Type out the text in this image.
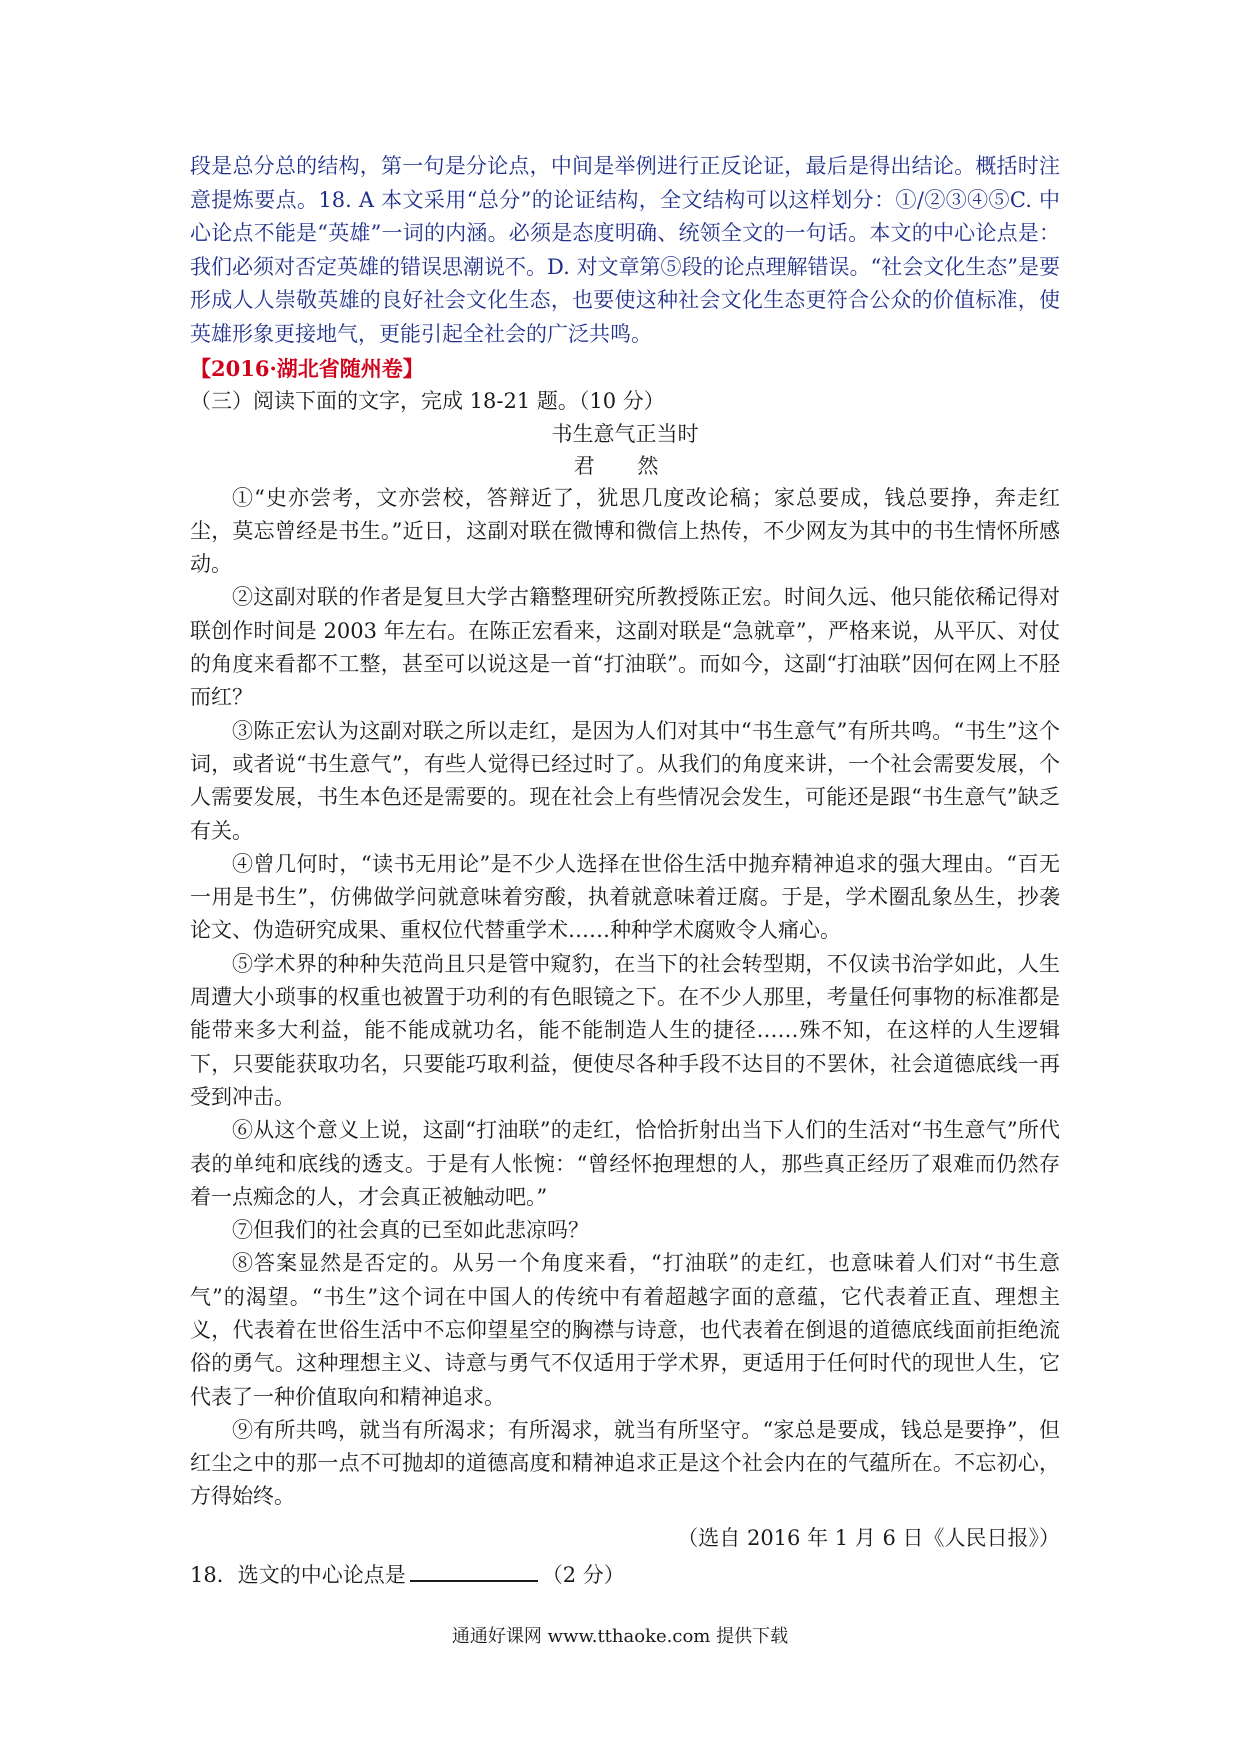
段是总分总的结构，第一句是分论点，中间是举例进行正反论证，最后是得出结论。概括时注意提炼要点。18. A 本文采用“总分”的论证结构，全文结构可以这样划分：①/②③④⑤C. 中心论点不能是“英雄”一词的内涵。必须是态度明确、统领全文的一句话。本文的中心论点是：我们必须对否定英雄的错误思潮说不。D. 对文章第⑤段的论点理解错误。“社会文化生态”是要形成人人崇敬英雄的良好社会文化生态，也要使这种社会文化生态更符合公众的价值标准，使英雄形象更接地气，更能引起全社会的广泛共鸣。

【2016·湖北省随州卷】

（三）阅读下面的文字，完成 18-21 题。（10 分）

书生意气正当时

君 然

①“史亦尝考，文亦尝校，答辩近了，犹思几度改论稿；家总要成，钱总要挣，奔走红尘，莫忘曾经是书生。”近日，这副对联在微博和微信上热传，不少网友为其中的书生情怀所感动。

②这副对联的作者是复旦大学古籍整理研究所教授陈正宏。时间久远、他只能依稀记得对联创作时间是 2003 年左右。在陈正宏看来，这副对联是“急就章”，严格来说，从平仄、对仗的角度来看都不工整，甚至可以说这是一首“打油联”。而如今，这副“打油联”因何在网上不胫而红？

③陈正宏认为这副对联之所以走红，是因为人们对其中“书生意气”有所共鸣。“书生”这个词，或者说“书生意气”，有些人觉得已经过时了。从我们的角度来讲，一个社会需要发展，个人需要发展，书生本色还是需要的。现在社会上有些情况会发生，可能还是跟“书生意气”缺乏有关。

④曾几何时，“读书无用论”是不少人选择在世俗生活中抛弃精神追求的强大理由。“百无一用是书生”，仿佛做学问就意味着穷酸，执着就意味着迂腐。于是，学术圈乱象丛生，抄袭论文、伪造研究成果、重权位代替重学术……种种学术腐败令人痛心。

⑤学术界的种种失范尚且只是管中窥豹，在当下的社会转型期，不仅读书治学如此，人生周遭大小琐事的权重也被置于功利的有色眼镜之下。在不少人那里，考量任何事物的标准都是能带来多大利益，能不能成就功名，能不能制造人生的捷径……殊不知，在这样的人生逻辑下，只要能获取功名，只要能巧取利益，便使尽各种手段不达目的不罢休，社会道德底线一再受到冲击。

⑥从这个意义上说，这副“打油联”的走红，恰恰折射出当下人们的生活对“书生意气”所代表的单纯和底线的透支。于是有人怅惋：“曾经怀抱理想的人，那些真正经历了艰难而仍然存着一点痴念的人，才会真正被触动吧。”

⑦但我们的社会真的已至如此悲凉吗？

⑧答案显然是否定的。从另一个角度来看，“打油联”的走红，也意味着人们对“书生意气”的渴望。“书生”这个词在中国人的传统中有着超越字面的意蕴，它代表着正直、理想主义，代表着在世俗生活中不忘仰望星空的胸襟与诗意，也代表着在倒退的道德底线面前拒绝流俗的勇气。这种理想主义、诗意与勇气不仅适用于学术界，更适用于任何时代的现世人生，它代表了一种价值取向和精神追求。

⑨有所共鸣，就当有所渴求；有所渴求，就当有所坚守。“家总是要成，钱总是要挣”，但红尘之中的那一点不可抛却的道德高度和精神追求正是这个社会内在的气蕴所在。不忘初心，方得始终。

（选自 2016 年 1 月 6 日《人民日报》）

18．选文的中心论点是	（2 分）

通通好课网 www.tthaoke.com 提供下载
